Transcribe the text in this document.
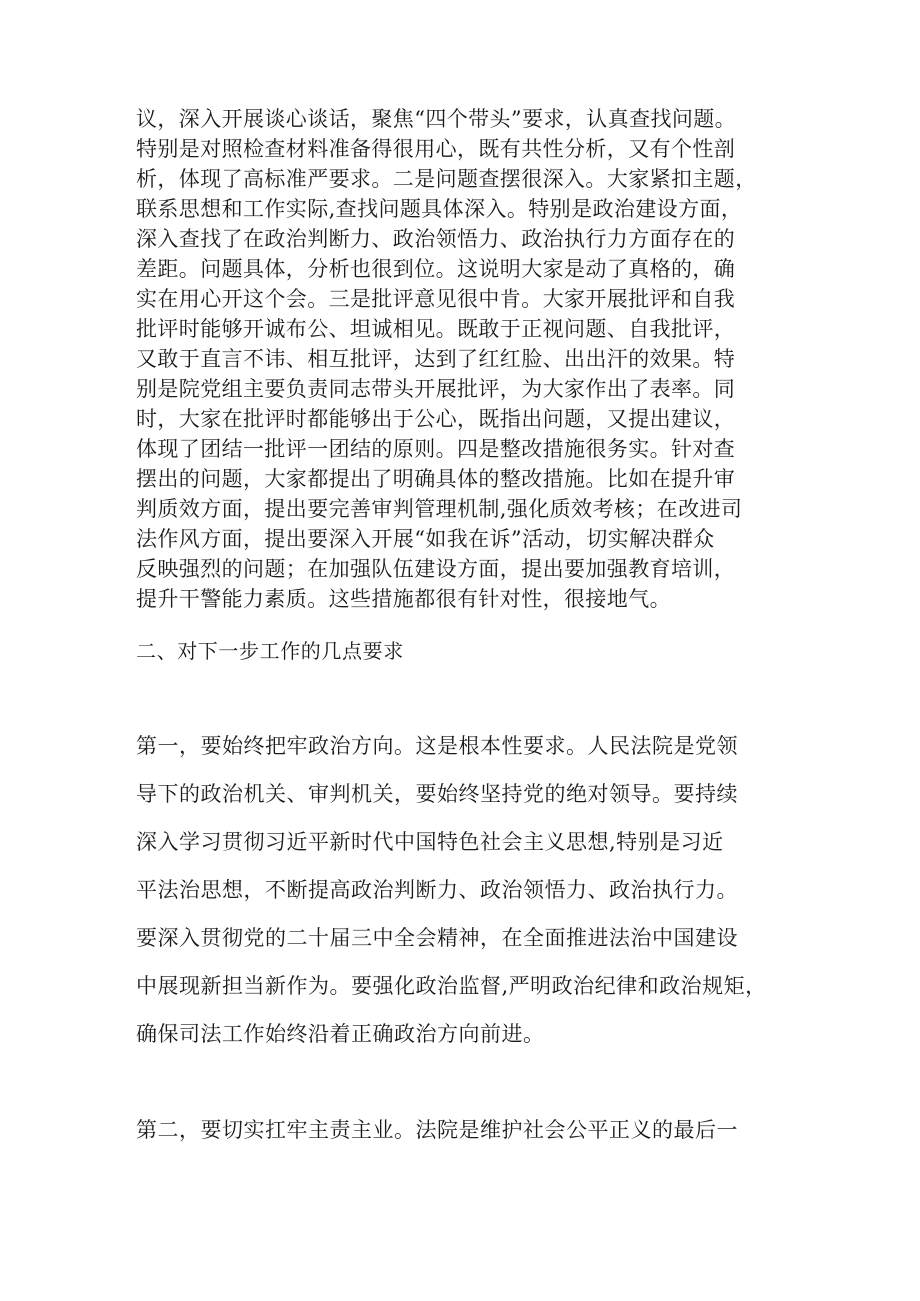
议，深入开展谈心谈话，聚焦“四个带头”要求，认真查找问题。
特别是对照检查材料准备得很用心，既有共性分析，又有个性剖
析，体现了高标准严要求。二是问题查摆很深入。大家紧扣主题，
联系思想和工作实际,查找问题具体深入。特别是政治建设方面，
深入查找了在政治判断力、政治领悟力、政治执行力方面存在的
差距。问题具体，分析也很到位。这说明大家是动了真格的，确
实在用心开这个会。三是批评意见很中肯。大家开展批评和自我
批评时能够开诚布公、坦诚相见。既敢于正视问题、自我批评，
又敢于直言不讳、相互批评，达到了红红脸、出出汗的效果。特
别是院党组主要负责同志带头开展批评，为大家作出了表率。同
时，大家在批评时都能够出于公心，既指出问题，又提出建议，
体现了团结一批评一团结的原则。四是整改措施很务实。针对查
摆出的问题，大家都提出了明确具体的整改措施。比如在提升审
判质效方面，提出要完善审判管理机制,强化质效考核；在改进司
法作风方面，提出要深入开展“如我在诉”活动，切实解决群众
反映强烈的问题；在加强队伍建设方面，提出要加强教育培训，
提升干警能力素质。这些措施都很有针对性，很接地气。
二、对下一步工作的几点要求
第一，要始终把牢政治方向。这是根本性要求。人民法院是党领
导下的政治机关、审判机关，要始终坚持党的绝对领导。要持续
深入学习贯彻习近平新时代中国特色社会主义思想,特别是习近
平法治思想，不断提高政治判断力、政治领悟力、政治执行力。
要深入贯彻党的二十届三中全会精神，在全面推进法治中国建设
中展现新担当新作为。要强化政治监督,严明政治纪律和政治规矩，
确保司法工作始终沿着正确政治方向前进。
第二，要切实扛牢主责主业。法院是维护社会公平正义的最后一
